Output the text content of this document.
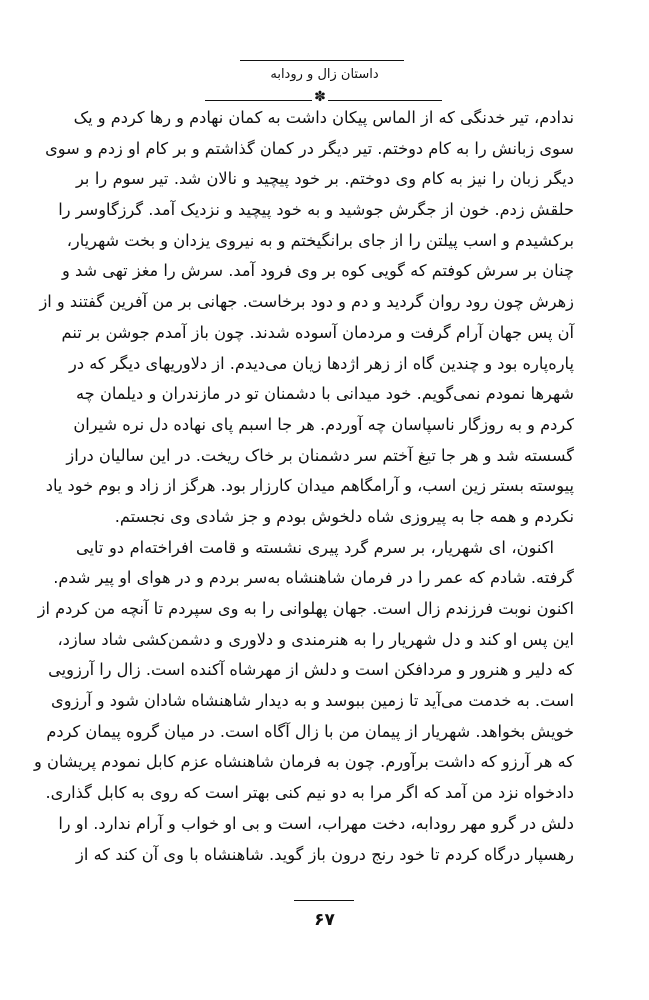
داستان زال و رودابه
✽
ندادم، تیر خدنگی که از الماس پیکان داشت به کمان نهادم و رها کردم و یک
سوی زبانش را به کام دوختم. تیر دیگر در کمان گذاشتم و بر کام او زدم و سوی
دیگر زبان را نیز به کام وی دوختم. بر خود پیچید و نالان شد. تیر سوم را بر
حلقش زدم. خون از جگرش جوشید و به خود پیچید و نزدیک آمد. گرزگاوسر را
برکشیدم و اسب پیلتن را از جای برانگیختم و به نیروی یزدان و بخت شهریار،
چنان بر سرش کوفتم که گویی کوه بر وی فرود آمد. سرش را مغز تهی شد و
زهرش چون رود روان گردید و دم و دود برخاست. جهانی بر من آفرین گفتند و از
آن پس جهان آرام گرفت و مردمان آسوده شدند. چون باز آمدم جوشن بر تنم
پاره‌پاره بود و چندین گاه از زهر اژدها زیان می‌دیدم. از دلاوریهای دیگر که در
شهرها نمودم نمی‌گویم. خود میدانی با دشمنان تو در مازندران و دیلمان چه
کردم و به روزگار ناسپاسان چه آوردم. هر جا اسبم پای نهاده دل نره شیران
گسسته شد و هر جا تیغ آختم سر دشمنان بر خاک ریخت. در این سالیان دراز
پیوسته بستر زین اسب، و آرامگاهم میدان کارزار بود. هرگز از زاد و بوم خود یاد
نکردم و همه جا به پیروزی شاه دلخوش بودم و جز شادی وی نجستم.
اکنون، ای شهریار، بر سرم گرد پیری نشسته و قامت افراخته‌ام دو تایی
گرفته. شادم که عمر را در فرمان شاهنشاه به‌سر بردم و در هوای او پیر شدم.
اکنون نوبت فرزندم زال است. جهان پهلوانی را به وی سپردم تا آنچه من کردم از
این پس او کند و دل شهریار را به هنرمندی و دلاوری و دشمن‌کشی شاد سازد،
که دلیر و هنرور و مردافکن است و دلش از مهرشاه آکنده است. زال را آرزویی
است. به خدمت می‌آید تا زمین ببوسد و به دیدار شاهنشاه شادان شود و آرزوی
خویش بخواهد. شهریار از پیمان من با زال آگاه است. در میان گروه پیمان کردم
که هر آرزو که داشت برآورم. چون به فرمان شاهنشاه عزم کابل نمودم پریشان و
دادخواه نزد من آمد که اگر مرا به دو نیم کنی بهتر است که روی به کابل گذاری.
دلش در گرو مهر رودابه، دخت مهراب، است و بی او خواب و آرام ندارد. او را
رهسپار درگاه کردم تا خود رنج درون باز گوید. شاهنشاه با وی آن کند که از
۶۷
